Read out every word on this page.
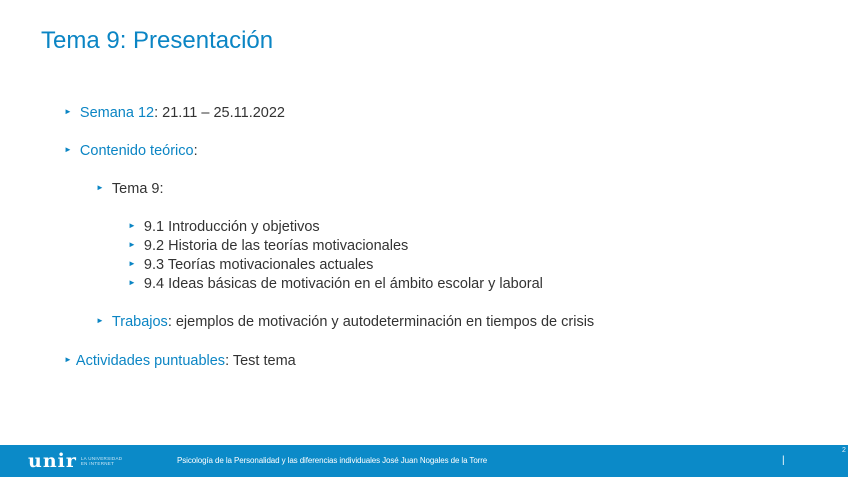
Tema 9: Presentación
► Semana 12: 21.11 – 25.11.2022
► Contenido teórico:
► Tema 9:
► 9.1 Introducción y objetivos
► 9.2 Historia de las teorías motivacionales
► 9.3 Teorías motivacionales actuales
► 9.4 Ideas básicas de motivación en el ámbito escolar y laboral
► Trabajos: ejemplos de motivación y autodeterminación en tiempos de crisis
► Actividades puntuables: Test tema
unir LA UNIVERSIDAD
EN INTERNET	Psicología de la Personalidad y las diferencias individuales José Juan Nogales de la Torre	|
2
